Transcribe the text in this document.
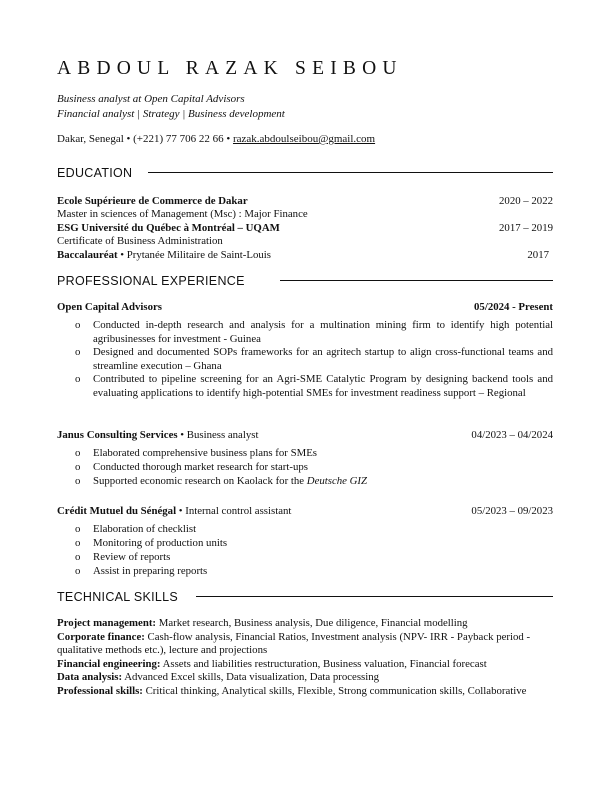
ABDOUL RAZAK SEIBOU
Business analyst at Open Capital Advisors
Financial analyst | Strategy | Business development
Dakar, Senegal • (+221) 77 706 22 66 • razak.abdoulseibou@gmail.com
EDUCATION
Ecole Supérieure de Commerce de Dakar	2020 – 2022
Master in sciences of Management (Msc) : Major Finance
ESG Université du Québec à Montréal – UQAM	2017 – 2019
Certificate of Business Administration
Baccalauréat • Prytanée Militaire de Saint-Louis	2017
PROFESSIONAL EXPERIENCE
Open Capital Advisors	05/2024 - Present
o Conducted in-depth research and analysis for a multination mining firm to identify high potential agribusinesses for investment - Guinea
o Designed and documented SOPs frameworks for an agritech startup to align cross-functional teams and streamline execution – Ghana
o Contributed to pipeline screening for an Agri-SME Catalytic Program by designing backend tools and evaluating applications to identify high-potential SMEs for investment readiness support – Regional
Janus Consulting Services • Business analyst	04/2023 – 04/2024
o Elaborated comprehensive business plans for SMEs
o Conducted thorough market research for start-ups
o Supported economic research on Kaolack for the Deutsche GIZ
Crédit Mutuel du Sénégal • Internal control assistant	05/2023 – 09/2023
o Elaboration of checklist
o Monitoring of production units
o Review of reports
o Assist in preparing reports
TECHNICAL SKILLS
Project management: Market research, Business analysis, Due diligence, Financial modelling
Corporate finance: Cash-flow analysis, Financial Ratios, Investment analysis (NPV- IRR - Payback period -qualitative methods etc.), lecture and projections
Financial engineering: Assets and liabilities restructuration, Business valuation, Financial forecast
Data analysis: Advanced Excel skills, Data visualization, Data processing
Professional skills: Critical thinking, Analytical skills, Flexible, Strong communication skills, Collaborative
